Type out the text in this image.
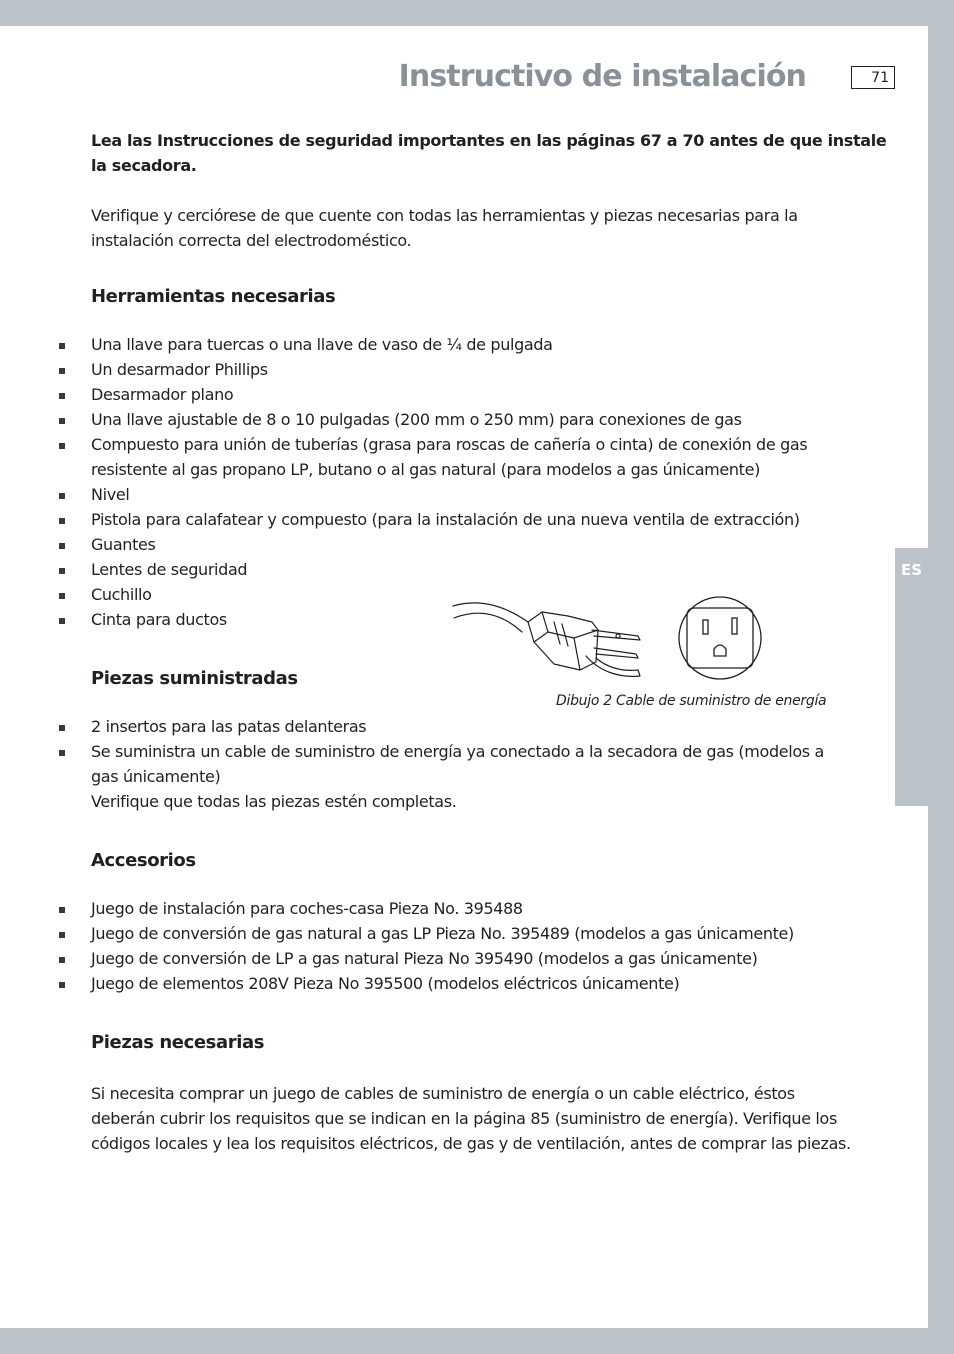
Instructivo de instalación	71
ES
Lea las Instrucciones de seguridad importantes en las páginas 67 a 70 antes de que instale
la secadora.
Verifique y cerciórese de que cuente con todas las herramientas y piezas necesarias para la
instalación correcta del electrodoméstico.
Herramientas necesarias
Una llave para tuercas o una llave de vaso de ¼ de pulgada
Un desarmador Phillips
Desarmador plano
Una llave ajustable de 8 o 10 pulgadas (200 mm o 250 mm) para conexiones de gas
Compuesto para unión de tuberías (grasa para roscas de cañería o cinta) de conexión de gas
resistente al gas propano LP, butano o al gas natural (para modelos a gas únicamente)
Nivel
Pistola para calafatear y compuesto (para la instalación de una nueva ventila de extracción)
Guantes
Lentes de seguridad
Cuchillo
Cinta para ductos
Dibujo 2 Cable de suministro de energía
Piezas suministradas
2 insertos para las patas delanteras
Se suministra un cable de suministro de energía ya conectado a la secadora de gas (modelos a
gas únicamente)
Verifique que todas las piezas estén completas.
Accesorios
Juego de instalación para coches-casa Pieza No. 395488
Juego de conversión de gas natural a gas LP Pieza No. 395489 (modelos a gas únicamente)
Juego de conversión de LP a gas natural Pieza No 395490 (modelos a gas únicamente)
Juego de elementos 208V Pieza No 395500 (modelos eléctricos únicamente)
Piezas necesarias
Si necesita comprar un juego de cables de suministro de energía o un cable eléctrico, éstos
deberán cubrir los requisitos que se indican en la página 85 (suministro de energía). Verifique los
códigos locales y lea los requisitos eléctricos, de gas y de ventilación, antes de comprar las piezas.
